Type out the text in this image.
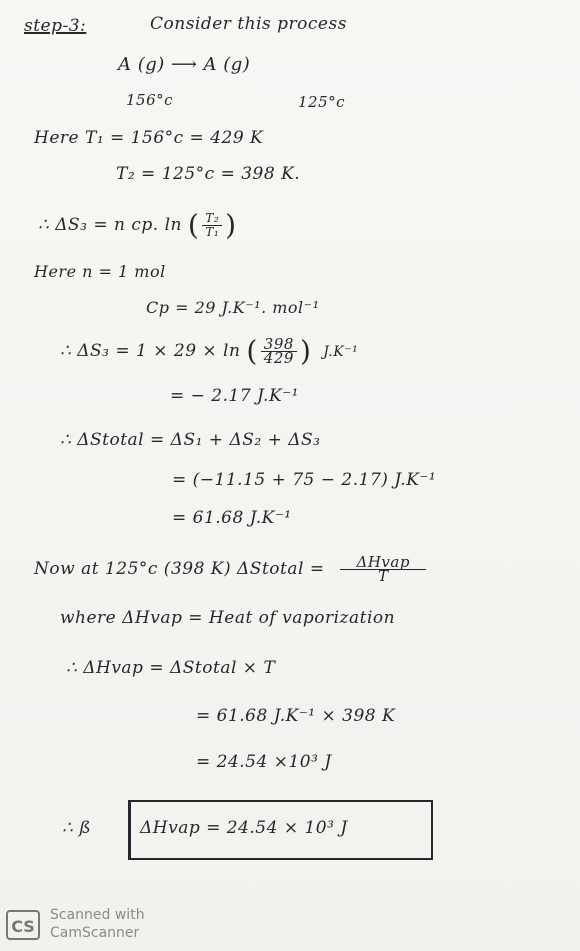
step-3:	Consider this process
A (g) ⟶ A (g)
156°c	125°c
Here T₁ = 156°c = 429 K
T₂ = 125°c = 398 K.
∴ ΔS₃ = n cp. ln ( $\frac{\text{T₂}}{\text{T₁}}$ )
Here n = 1 mol
Cp = 29 J.K⁻¹. mol⁻¹
∴ ΔS₃ = 1 × 29 × ln ( $\frac{398}{429}$ ) J.K⁻¹
= − 2.17 J.K⁻¹
∴ ΔStotal = ΔS₁ + ΔS₂ + ΔS₃
= (−11.15 + 75 − 2.17) J.K⁻¹
= 61.68 J.K⁻¹
Now at 125°c (398 K) ΔStotal = $\frac{\text{ΔHvap}}{T}$
where ΔHvap = Heat of vaporization
∴ ΔHvap = ΔStotal × T
= 61.68 J.K⁻¹ × 398 K
= 24.54 ×10³ J
∴ ß	ΔHvap = 24.54 × 10³ J
CS
Scanned with
CamScanner
